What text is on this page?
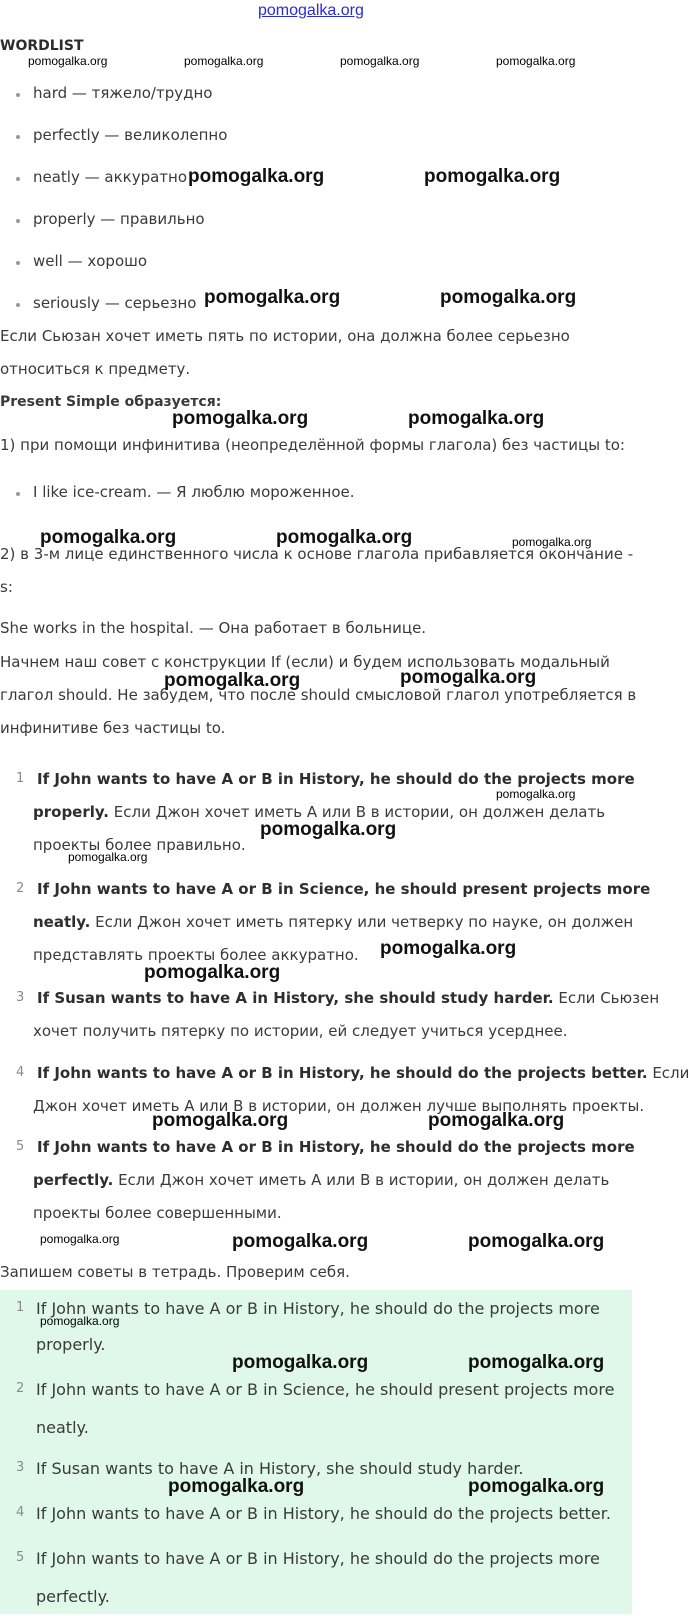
pomogalka.org
WORDLIST
hard — тяжело/трудно
perfectly — великолепно
neatly — аккуратно
properly — правильно
well — хорошо
seriously — серьезно
Если Сьюзан хочет иметь пять по истории, она должна более серьезно
относиться к предмету.
Present Simple образуется:
1) при помощи инфинитива (неопределённой формы глагола) без частицы to:
I like ice-cream. — Я люблю мороженное.
2) в 3-м лице единственного числа к основе глагола прибавляется окончание -
s:
She works in the hospital. — Она работает в больнице.
Начнем наш совет с конструкции If (если) и будем использовать модальный
глагол should. Не забудем, что после should смысловой глагол употребляется в
инфинитиве без частицы to.
1 If John wants to have A or B in History, he should do the projects more
properly. Если Джон хочет иметь А или В в истории, он должен делать
проекты более правильно.
2 If John wants to have A or B in Science, he should present projects more
neatly. Если Джон хочет иметь пятерку или четверку по науке, он должен
представлять проекты более аккуратно.
3 If Susan wants to have A in History, she should study harder. Если Сьюзен
хочет получить пятерку по истории, ей следует учиться усерднее.
4 If John wants to have A or B in History, he should do the projects better. Если
Джон хочет иметь А или В в истории, он должен лучше выполнять проекты.
5 If John wants to have A or B in History, he should do the projects more
perfectly. Если Джон хочет иметь А или В в истории, он должен делать
проекты более совершенными.
Запишем советы в тетрадь. Проверим себя.
1 If John wants to have A or B in History, he should do the projects more
properly.
2 If John wants to have A or B in Science, he should present projects more
neatly.
3 If Susan wants to have A in History, she should study harder.
4 If John wants to have A or B in History, he should do the projects better.
5 If John wants to have A or B in History, he should do the projects more
perfectly.
pomogalka.org	pomogalka.org	pomogalka.org	pomogalka.org
pomogalka.org	pomogalka.org
pomogalka.org	pomogalka.org
pomogalka.org	pomogalka.org
pomogalka.org	pomogalka.org	pomogalka.org
pomogalka.org	pomogalka.org
pomogalka.org
pomogalka.org
pomogalka.org
pomogalka.org
pomogalka.org
pomogalka.org	pomogalka.org
pomogalka.org	pomogalka.org	pomogalka.org
pomogalka.org
pomogalka.org	pomogalka.org
pomogalka.org	pomogalka.org
